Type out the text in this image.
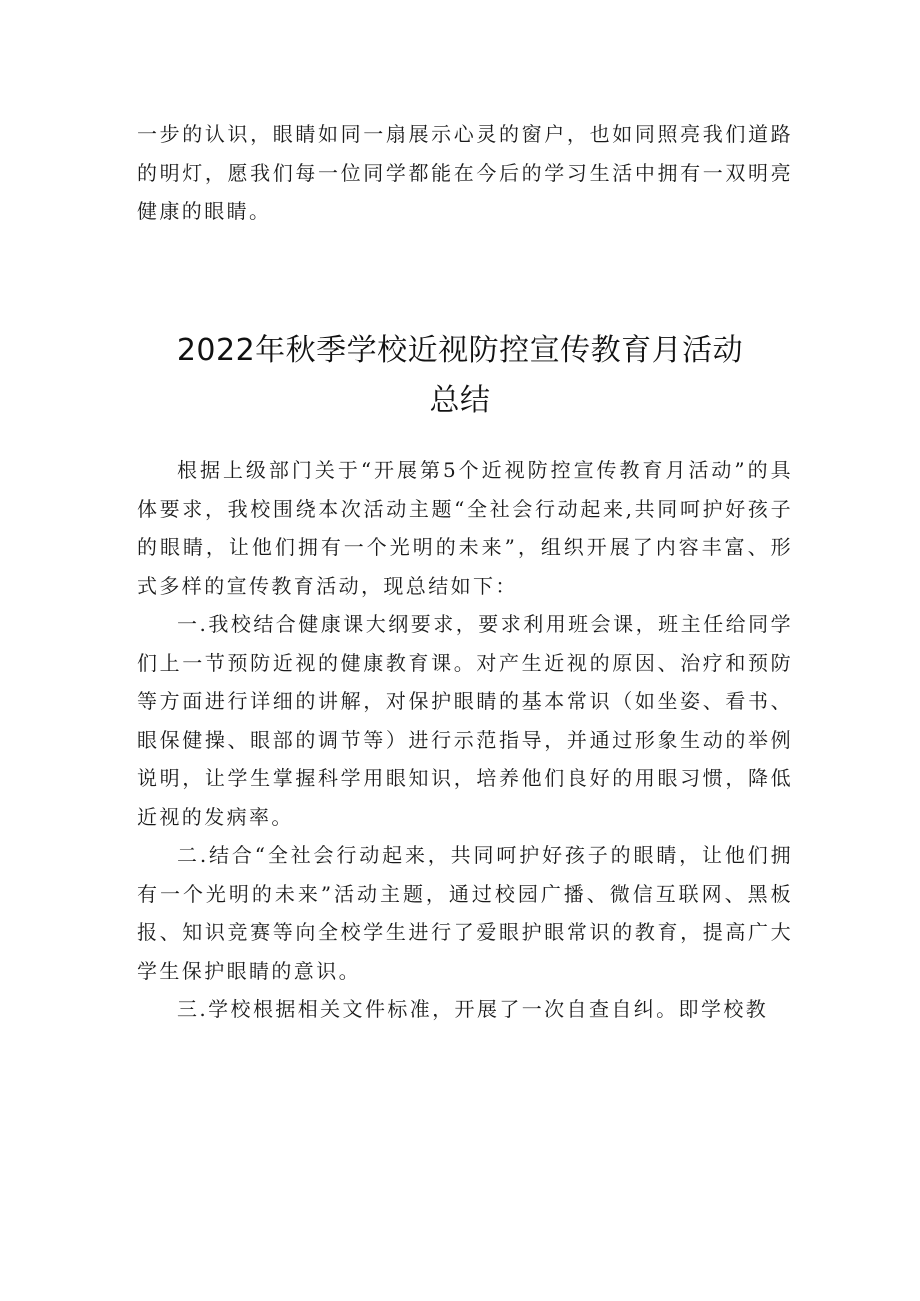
一步的认识，眼睛如同一扇展示心灵的窗户，也如同照亮我们道路的明灯，愿我们每一位同学都能在今后的学习生活中拥有一双明亮健康的眼睛。
2022年秋季学校近视防控宣传教育月活动
总结

根据上级部门关于“开展第5个近视防控宣传教育月活动”的具体要求，我校围绕本次活动主题“全社会行动起来,共同呵护好孩子的眼睛，让他们拥有一个光明的未来”，组织开展了内容丰富、形式多样的宣传教育活动，现总结如下：

一.我校结合健康课大纲要求，要求利用班会课，班主任给同学们上一节预防近视的健康教育课。对产生近视的原因、治疗和预防等方面进行详细的讲解，对保护眼睛的基本常识（如坐姿、看书、眼保健操、眼部的调节等）进行示范指导，并通过形象生动的举例说明，让学生掌握科学用眼知识，培养他们良好的用眼习惯，降低近视的发病率。

二.结合“全社会行动起来，共同呵护好孩子的眼睛，让他们拥有一个光明的未来”活动主题，通过校园广播、微信互联网、黑板报、知识竞赛等向全校学生进行了爱眼护眼常识的教育，提高广大学生保护眼睛的意识。

三.学校根据相关文件标准，开展了一次自查自纠。即学校教
